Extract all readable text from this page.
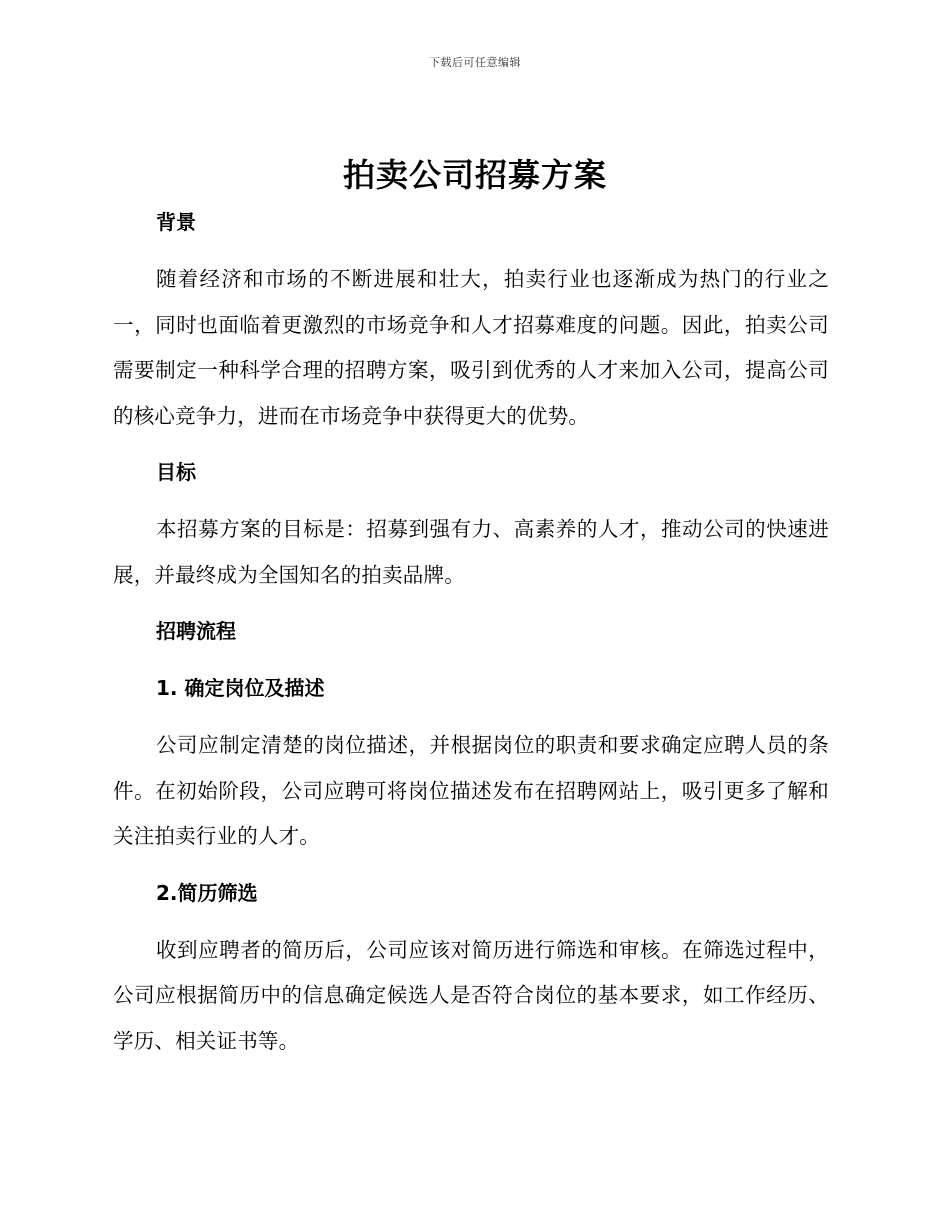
下载后可任意编辑
拍卖公司招募方案
背景

随着经济和市场的不断进展和壮大，拍卖行业也逐渐成为热门的行业之一，同时也面临着更激烈的市场竞争和人才招募难度的问题。因此，拍卖公司需要制定一种科学合理的招聘方案，吸引到优秀的人才来加入公司，提高公司的核心竞争力，进而在市场竞争中获得更大的优势。

目标

本招募方案的目标是：招募到强有力、高素养的人才，推动公司的快速进展，并最终成为全国知名的拍卖品牌。

招聘流程
1. 确定岗位及描述

公司应制定清楚的岗位描述，并根据岗位的职责和要求确定应聘人员的条件。在初始阶段，公司应聘可将岗位描述发布在招聘网站上，吸引更多了解和关注拍卖行业的人才。

2.简历筛选

收到应聘者的简历后，公司应该对简历进行筛选和审核。在筛选过程中，公司应根据简历中的信息确定候选人是否符合岗位的基本要求，如工作经历、学历、相关证书等。
